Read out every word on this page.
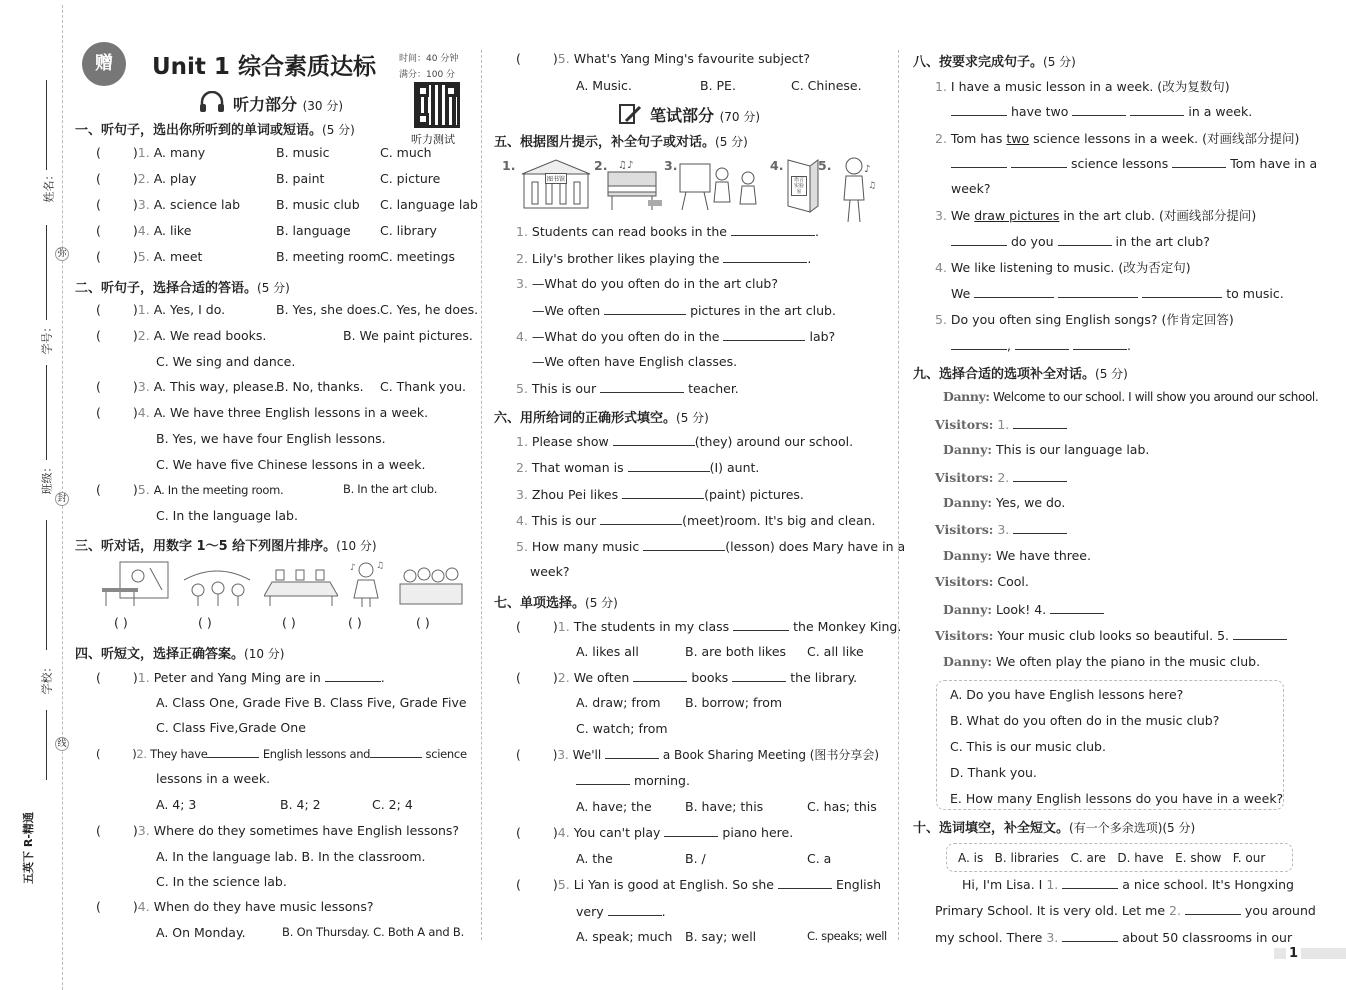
姓名：
弥
学号：
班级：
封
学校：
线
五英下 R-精通
赠	Unit 1 综合素质达标	时间：40 分钟
满分：100 分
听力测试
听力部分 (30 分)
一、听句子，选出你所听到的单词或短语。(5 分)
(	)1. A. many	B. music	C. much
(	)2. A. play	B. paint	C. picture
(	)3. A. science lab	B. music club C. language lab
(	)4. A. like	B. language C. library
(	)5. A. meet	B. meeting room C. meetings
二、听句子，选择合适的答语。(5 分)
(	)1. A. Yes, I do.	B. Yes, she does. C. Yes, he does.
(	)2. A. We read books.	B. We paint pictures.
C. We sing and dance.
(	)3. A. This way, please.
B. No, thanks. C. Thank you.
(	)4. A. We have three English lessons in a week.
B. Yes, we have four English lessons.
C. We have five Chinese lessons in a week.
(	)5. A. In the meeting room.	B. In the art club.
C. In the language lab.
三、听对话，用数字 1～5 给下列图片排序。(10 分)
♪ ♫
( )	( )	( )	( )	( )
四、听短文，选择正确答案。(10 分)
(	)1. Peter and Yang Ming are in	.
A. Class One, Grade Five B. Class Five, Grade Five
C. Class Five,Grade One
(	)2. They have	English lessons and	science
lessons in a week.
A. 4; 3	B. 4; 2	C. 2; 4
(	)3. Where do they sometimes have English lessons?
A. In the language lab. B. In the classroom.
C. In the science lab.
(	)4. When do they have music lessons?
A. On Monday.	B. On Thursday. C. Both A and B.
(	)5. What's Yang Ming's favourite subject?
A. Music.	B. PE.	C. Chinese.
笔试部分 (70 分)
五、根据图片提示，补全句子或对话。(5 分)
1.
图书馆
2. ♫♪ 3.	4.
语言实验室
5.	♪
♫
1. Students can read books in the	.
2. Lily's brother likes playing the	.
3. —What do you often do in the art club?
—We often	pictures in the art club.
4. —What do you often do in the	lab?
—We often have English classes.
5. This is our	teacher.
六、用所给词的正确形式填空。(5 分)
1. Please show	(they) around our school.
2. That woman is	(I) aunt.
3. Zhou Pei likes	(paint) pictures.
4. This is our	(meet)room. It's big and clean.
5. How many music	(lesson) does Mary have in a
week?
七、单项选择。(5 分)
(	)1. The students in my class	the Monkey King.
A. likes all	B. are both likes C. all like
(	)2. We often	books	the library.
A. draw; from B. borrow; from
C. watch; from
(	)3. We'll	a Book Sharing Meeting (图书分享会)
morning.
A. have; the	B. have; this	C. has; this
(	)4. You can't play	piano here.
A. the	B. /	C. a
(	)5. Li Yan is good at English. So she	English
very	.
A. speak; much B. say; well	C. speaks; well
八、按要求完成句子。(5 分)
1. I have a music lesson in a week. (改为复数句)
have two	in a week.
2. Tom has two science lessons in a week. (对画线部分提问)
science lessons	Tom have in a
week?
3. We draw pictures in the art club. (对画线部分提问)
do you	in the art club?
4. We like listening to music. (改为否定句)
We	to music.
5. Do you often sing English songs? (作肯定回答)
,	.
九、选择合适的选项补全对话。(5 分)
Danny: Welcome to our school. I will show you around our school.
Visitors: 1.
Danny: This is our language lab.
Visitors: 2.
Danny: Yes, we do.
Visitors: 3.
Danny: We have three.
Visitors: Cool.
Danny: Look! 4.
Visitors: Your music club looks so beautiful. 5.
Danny: We often play the piano in the music club.
A. Do you have English lessons here?
B. What do you often do in the music club?
C. This is our music club.
D. Thank you.
E. How many English lessons do you have in a week?
十、选词填空，补全短文。(有一个多余选项)(5 分)
A. is B. libraries C. are D. have E. show F. our
Hi, I'm Lisa. I 1.	a nice school. It's Hongxing
Primary School. It is very old. Let me 2.	you around
my school. There 3.	about 50 classrooms in our
1
